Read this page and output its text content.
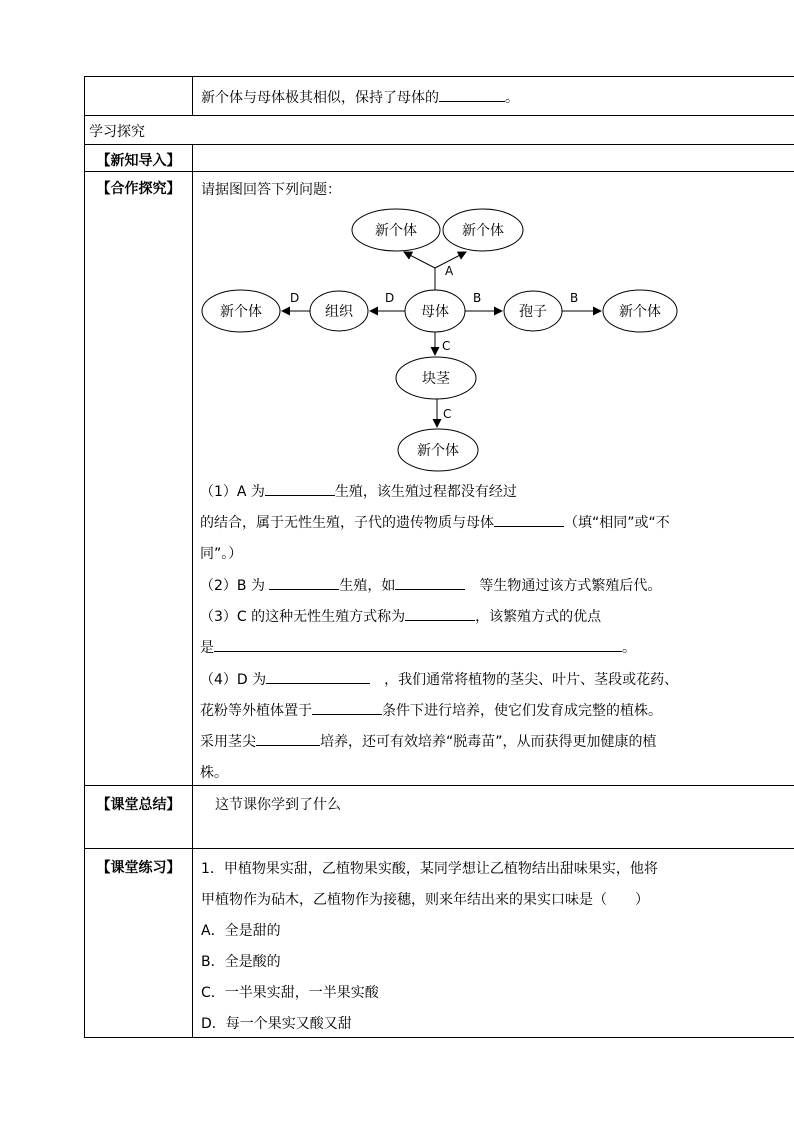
新个体与母体极其相似，保持了母体的	。
学习探究
【新知导入】
【合作探究】	请据图回答下列问题：
新个体	新个体
新个体	组织	母体	孢子	新个体
块茎
新个体
A
D
D	B	B
C
C
（1）A 为	生殖，该生殖过程都没有经过
的结合，属于无性生殖，子代的遗传物质与母体	（填“相同”或“不
同”。）
（2）B 为	生殖，如　	等生物通过该方式繁殖后代。
（3）C 的这种无性生殖方式称为	，该繁殖方式的优点
是	。
（4）D 为　	，我们通常将植物的茎尖、叶片、茎段或花药、
花粉等外植体置于	条件下进行培养，使它们发育成完整的植株。
采用茎尖	培养，还可有效培养“脱毒苗”，从而获得更加健康的植
株。
【课堂总结】	这节课你学到了什么
【课堂练习】	1．甲植物果实甜，乙植物果实酸，某同学想让乙植物结出甜味果实，他将
甲植物作为砧木，乙植物作为接穗，则来年结出来的果实口味是（　　）
A．全是甜的
B．全是酸的
C．一半果实甜，一半果实酸
D．每一个果实又酸又甜
